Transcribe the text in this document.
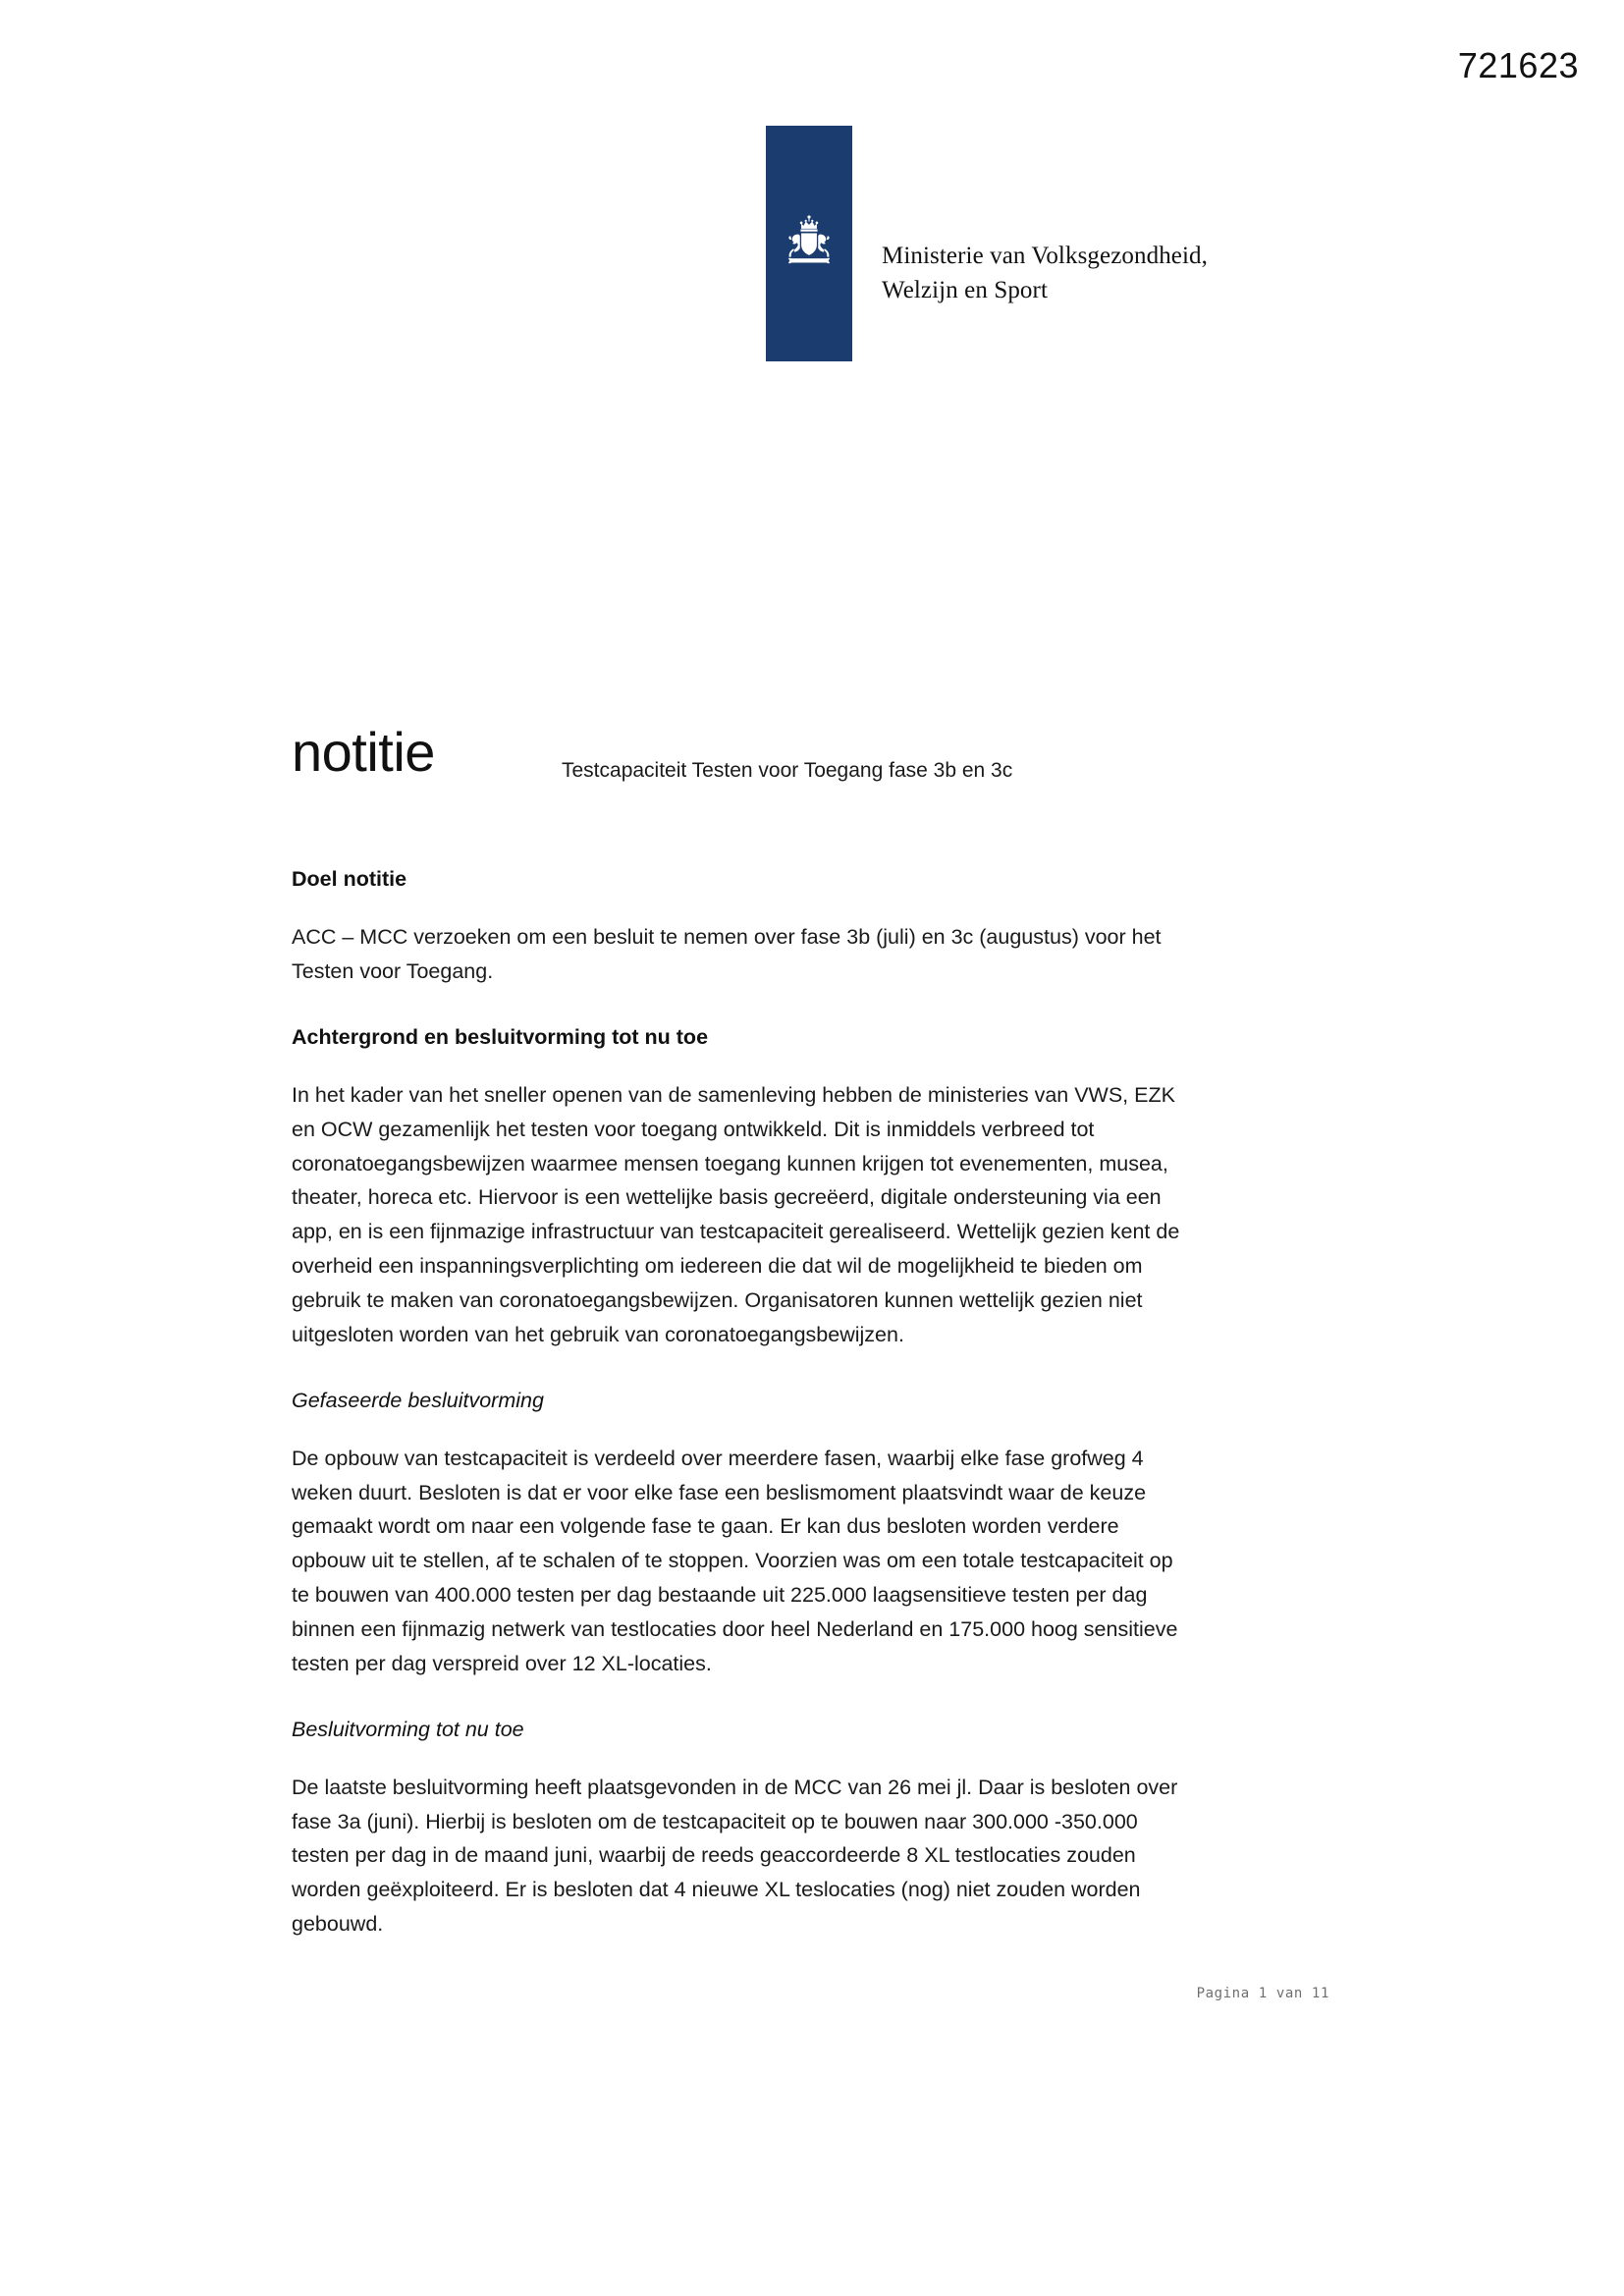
721623
Ministerie van Volksgezondheid,
Welzijn en Sport
notitie	Testcapaciteit Testen voor Toegang fase 3b en 3c
Doel notitie

ACC – MCC verzoeken om een besluit te nemen over fase 3b (juli) en 3c (augustus) voor het Testen voor Toegang.

Achtergrond en besluitvorming tot nu toe

In het kader van het sneller openen van de samenleving hebben de ministeries van VWS, EZK en OCW gezamenlijk het testen voor toegang ontwikkeld. Dit is inmiddels verbreed tot coronatoegangsbewijzen waarmee mensen toegang kunnen krijgen tot evenementen, musea, theater, horeca etc. Hiervoor is een wettelijke basis gecreëerd, digitale ondersteuning via een app, en is een fijnmazige infrastructuur van testcapaciteit gerealiseerd. Wettelijk gezien kent de overheid een inspanningsverplichting om iedereen die dat wil de mogelijkheid te bieden om gebruik te maken van coronatoegangsbewijzen. Organisatoren kunnen wettelijk gezien niet uitgesloten worden van het gebruik van coronatoegangsbewijzen.

Gefaseerde besluitvorming

De opbouw van testcapaciteit is verdeeld over meerdere fasen, waarbij elke fase grofweg 4 weken duurt. Besloten is dat er voor elke fase een beslismoment plaatsvindt waar de keuze gemaakt wordt om naar een volgende fase te gaan. Er kan dus besloten worden verdere opbouw uit te stellen, af te schalen of te stoppen. Voorzien was om een totale testcapaciteit op te bouwen van 400.000 testen per dag bestaande uit 225.000 laagsensitieve testen per dag binnen een fijnmazig netwerk van testlocaties door heel Nederland en 175.000 hoog sensitieve testen per dag verspreid over 12 XL-locaties.

Besluitvorming tot nu toe

De laatste besluitvorming heeft plaatsgevonden in de MCC van 26 mei jl. Daar is besloten over fase 3a (juni). Hierbij is besloten om de testcapaciteit op te bouwen naar 300.000 -350.000 testen per dag in de maand juni, waarbij de reeds geaccordeerde 8 XL testlocaties zouden worden geëxploiteerd. Er is besloten dat 4 nieuwe XL teslocaties (nog) niet zouden worden gebouwd.

Pagina 1 van 11
